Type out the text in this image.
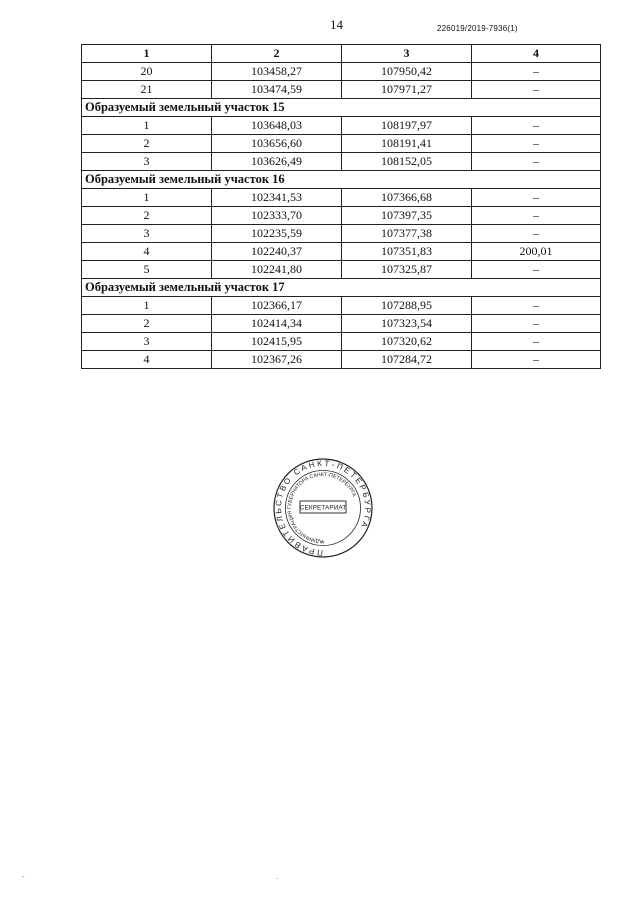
14	226019/2019-7936(1)
1	2	3	4
20	103458,27	107950,42	–
21	103474,59	107971,27	–
Образуемый земельный участок 15			
1	103648,03	108197,97	–
2	103656,60	108191,41	–
3	103626,49	108152,05	–
Образуемый земельный участок 16			
1	102341,53	107366,68	–
2	102333,70	107397,35	–
3	102235,59	107377,38	–
4	102240,37	107351,83	200,01
5	102241,80	107325,87	–
Образуемый земельный участок 17			
1	102366,17	107288,95	–
2	102414,34	107323,54	–
3	102415,95	107320,62	–
4	102367,26	107284,72	–
ПРАВИТЕЛЬСТВО САНКТ-ПЕТЕРБУРГА
АДМИНИСТРАЦИЯ ГУБЕРНАТОРА САНКТ-ПЕТЕРБУРГА
СЕКРЕТАРИАТ
*
-	.
